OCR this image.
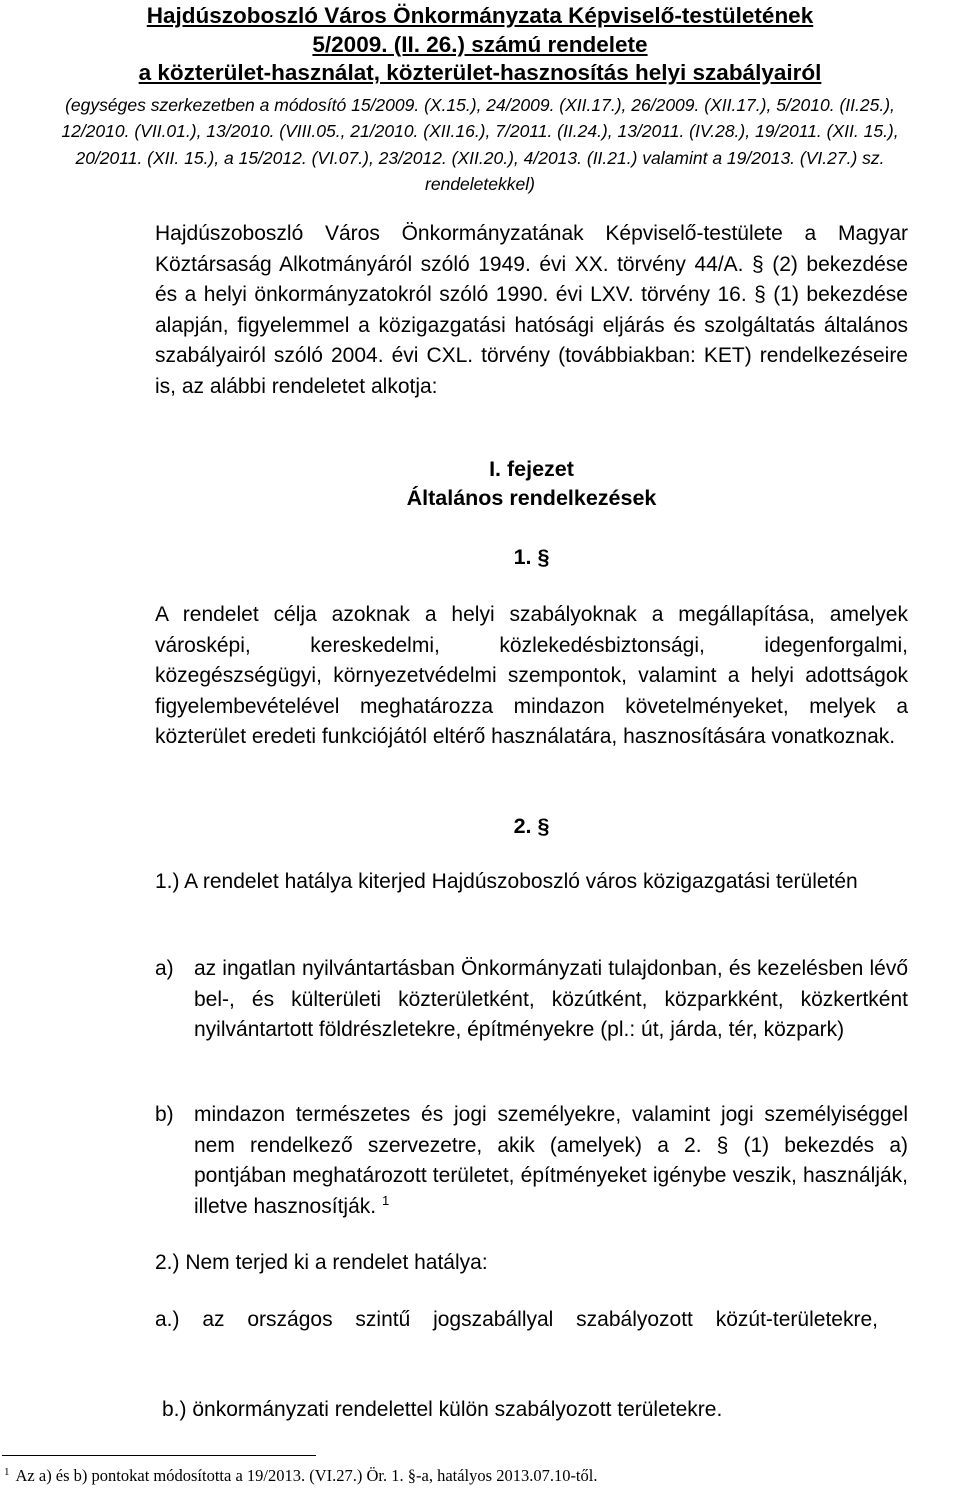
Hajdúszoboszló Város Önkormányzata Képviselő-testületének
5/2009. (II. 26.) számú rendelete
a közterület-használat, közterület-hasznosítás helyi szabályairól

(egységes szerkezetben a módosító 15/2009. (X.15.), 24/2009. (XII.17.), 26/2009. (XII.17.), 5/2010. (II.25.), 12/2010. (VII.01.), 13/2010. (VIII.05., 21/2010. (XII.16.), 7/2011. (II.24.), 13/2011. (IV.28.), 19/2011. (XII. 15.), 20/2011. (XII. 15.), a 15/2012. (VI.07.), 23/2012. (XII.20.), 4/2013. (II.21.) valamint a 19/2013. (VI.27.) sz. rendeletekkel)

Hajdúszoboszló Város Önkormányzatának Képviselő-testülete a Magyar Köztársaság Alkotmányáról szóló 1949. évi XX. törvény 44/A. § (2) bekezdése és a helyi önkormányzatokról szóló 1990. évi LXV. törvény 16. § (1) bekezdése alapján, figyelemmel a közigazgatási hatósági eljárás és szolgáltatás általános szabályairól szóló 2004. évi CXL. törvény (továbbiakban: KET) rendelkezéseire is, az alábbi rendeletet alkotja:

I. fejezet
Általános rendelkezések
1. §

A rendelet célja azoknak a helyi szabályoknak a megállapítása, amelyek városképi, kereskedelmi, közlekedésbiztonsági, idegenforgalmi, közegészségügyi, környezetvédelmi szempontok, valamint a helyi adottságok figyelembevételével meghatározza mindazon követelményeket, melyek a közterület eredeti funkciójától eltérő használatára, hasznosítására vonatkoznak.

2. §

1.) A rendelet hatálya kiterjed Hajdúszoboszló város közigazgatási területén

a) az ingatlan nyilvántartásban Önkormányzati tulajdonban, és kezelésben lévő bel-, és külterületi közterületként, közútként, közparkként, közkertként nyilvántartott földrészletekre, építményekre (pl.: út, járda, tér, közpark)
b) mindazon természetes és jogi személyekre, valamint jogi személyiséggel nem rendelkező szervezetre, akik (amelyek) a 2. § (1) bekezdés a) pontjában meghatározott területet, építményeket igénybe veszik, használják, illetve hasznosítják. $^1$

2.) Nem terjed ki a rendelet hatálya:

a.) az országos szintű jogszabállyal szabályozott közút-területekre,

b.) önkormányzati rendelettel külön szabályozott területekre.

$^1$ Az a) és b) pontokat módosította a 19/2013. (VI.27.) Ör. 1. §-a, hatályos 2013.07.10-től.
